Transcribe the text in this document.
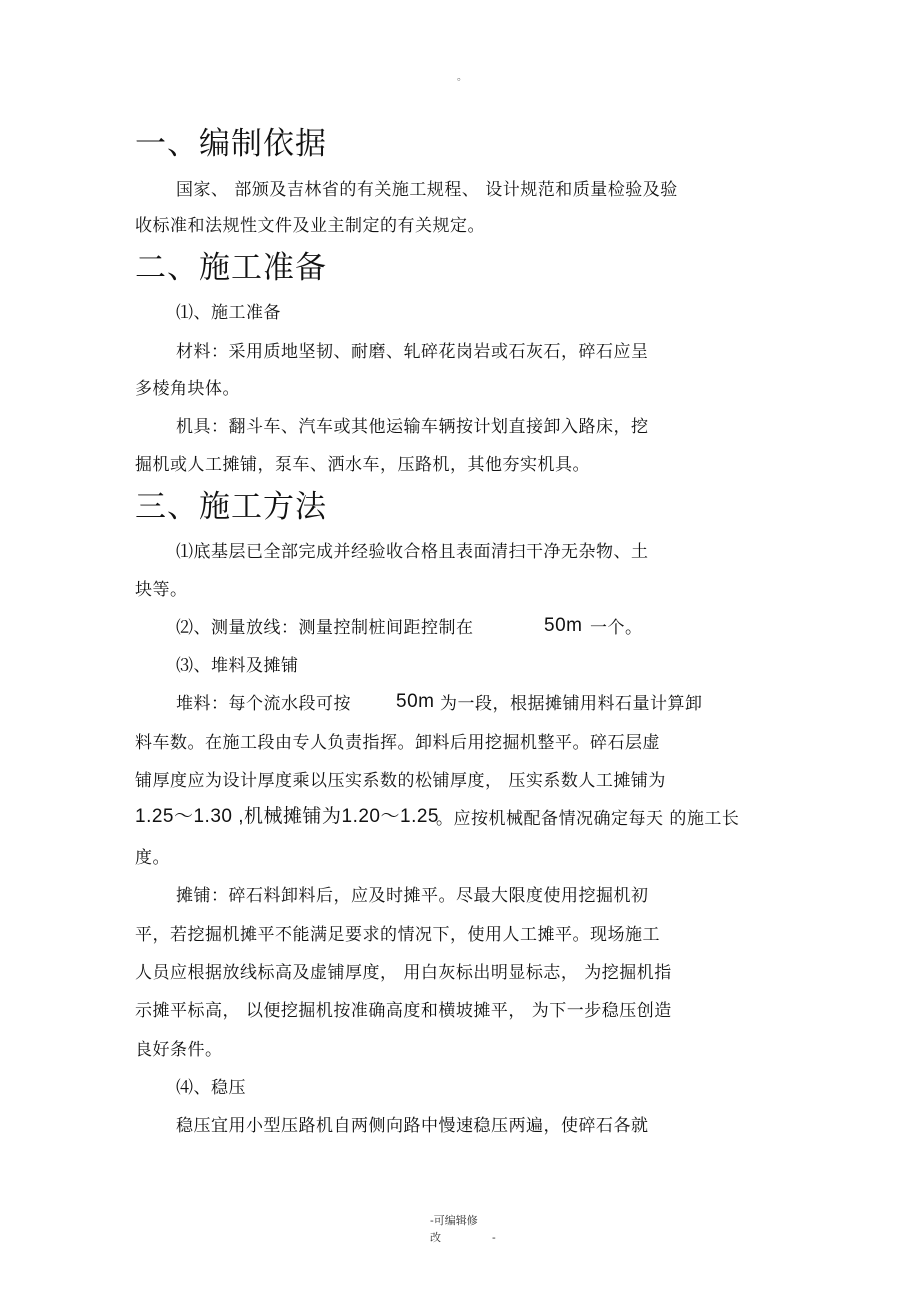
。
一、编制依据
国家、 部颁及吉林省的有关施工规程、 设计规范和质量检验及验
收标准和法规性文件及业主制定的有关规定。
二、施工准备
⑴、施工准备
材料：采用质地坚韧、耐磨、轧碎花岗岩或石灰石，碎石应呈
多棱角块体。
机具：翻斗车、汽车或其他运输车辆按计划直接卸入路床，挖
掘机或人工摊铺，泵车、洒水车，压路机，其他夯实机具。
三、施工方法
⑴底基层已全部完成并经验收合格且表面清扫干净无杂物、土
块等。
⑵、测量放线：测量控制桩间距控制在	50m 一个。
⑶、堆料及摊铺
堆料：每个流水段可按 50m 为一段，根据摊铺用料石量计算卸
料车数。在施工段由专人负责指挥。卸料后用挖掘机整平。碎石层虚
铺厚度应为设计厚度乘以压实系数的松铺厚度， 压实系数人工摊铺为
1.25～1.30 ,机械摊铺为1.20～1.25
。应按机械配备情况确定每天 的施工长
度。
摊铺：碎石料卸料后，应及时摊平。尽最大限度使用挖掘机初
平，若挖掘机摊平不能满足要求的情况下，使用人工摊平。现场施工
人员应根据放线标高及虚铺厚度， 用白灰标出明显标志， 为挖掘机指
示摊平标高， 以便挖掘机按准确高度和横坡摊平， 为下一步稳压创造
良好条件。
⑷、稳压
稳压宜用小型压路机自两侧向路中慢速稳压两遍，使碎石各就
-可编辑修
改	-
